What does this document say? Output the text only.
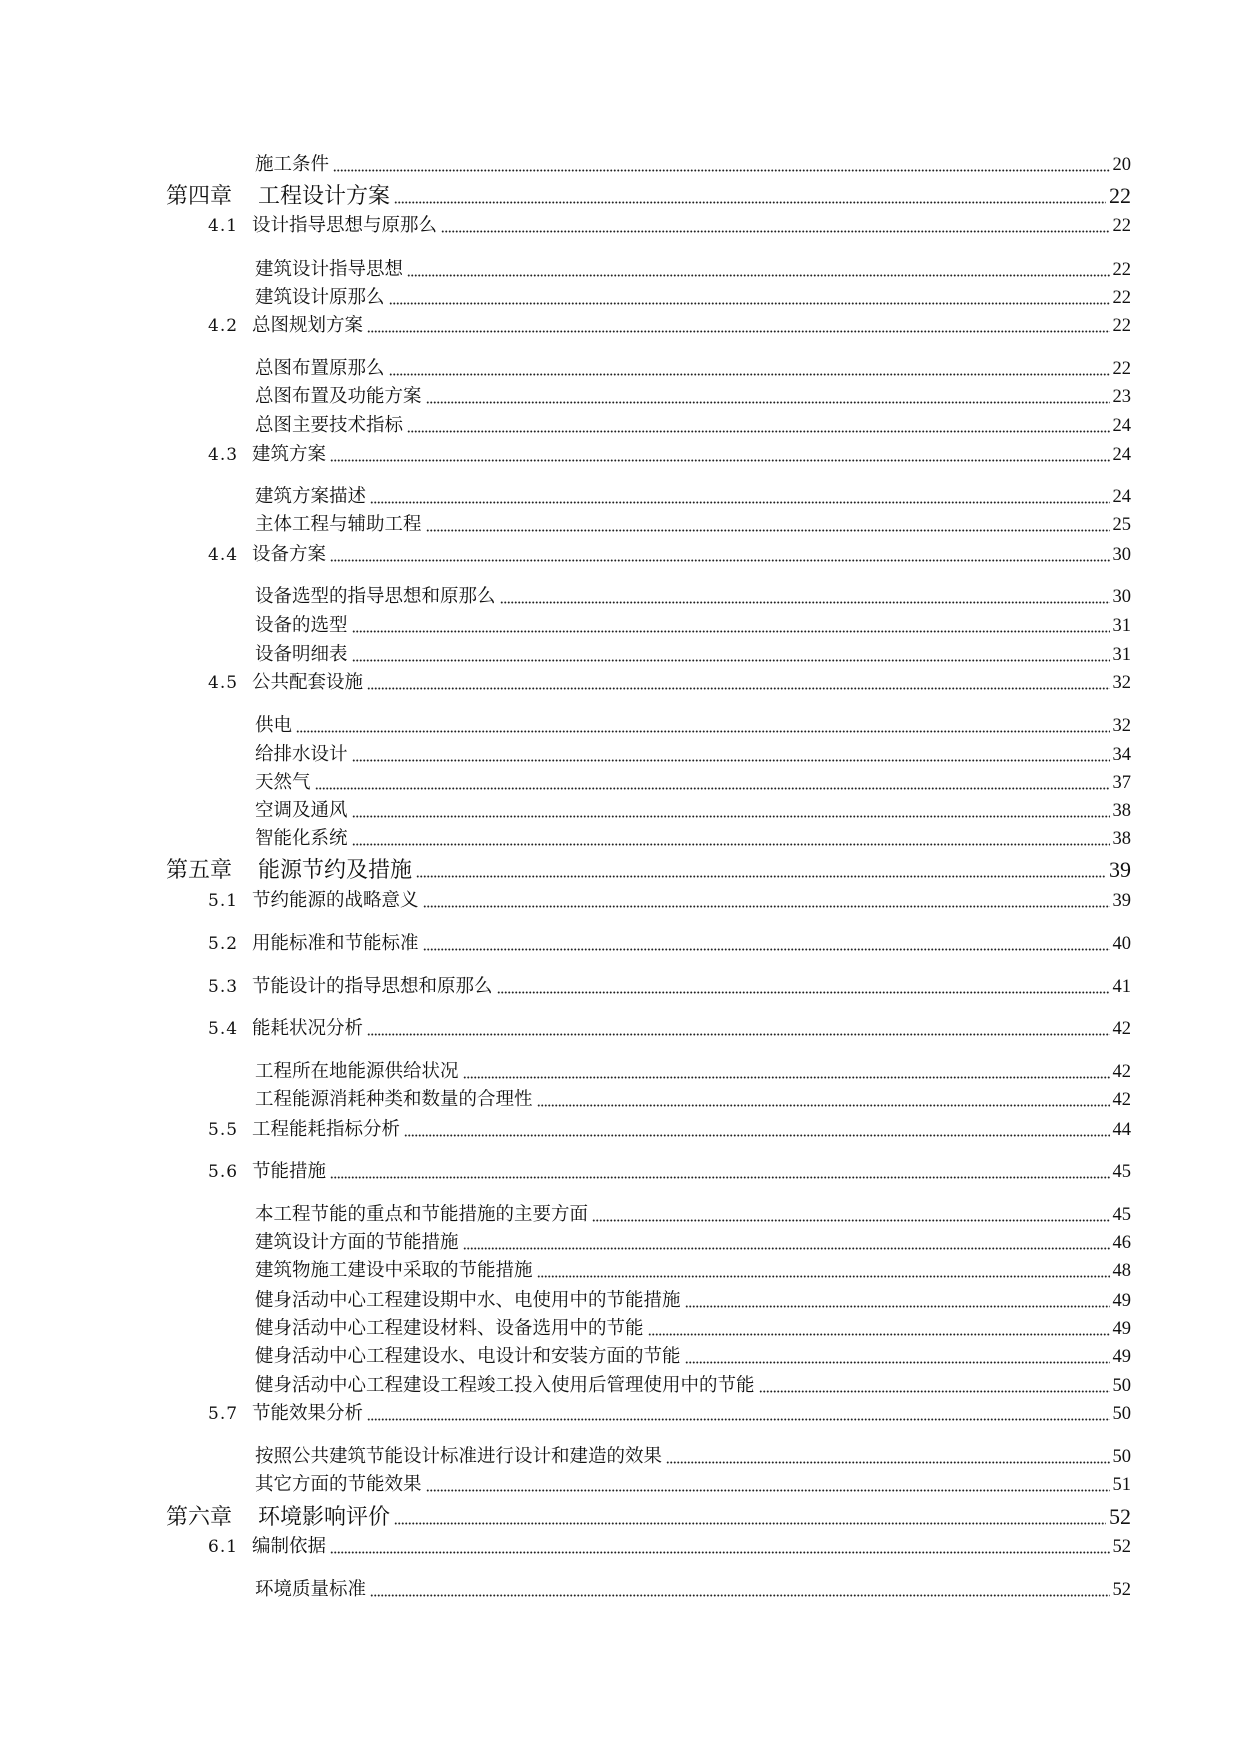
施工条件	20
第四章 工程设计方案	22
4.1 设计指导思想与原那么	22
建筑设计指导思想	22
建筑设计原那么	22
4.2 总图规划方案	22
总图布置原那么	22
总图布置及功能方案	23
总图主要技术指标	24
4.3 建筑方案	24
建筑方案描述	24
主体工程与辅助工程	25
4.4 设备方案	30
设备选型的指导思想和原那么	30
设备的选型	31
设备明细表	31
4.5 公共配套设施	32
供电	32
给排水设计	34
天然气	37
空调及通风	38
智能化系统	38
第五章 能源节约及措施	39
5.1 节约能源的战略意义	39
5.2 用能标准和节能标准	40
5.3 节能设计的指导思想和原那么	41
5.4 能耗状况分析	42
工程所在地能源供给状况	42
工程能源消耗种类和数量的合理性	42
5.5 工程能耗指标分析	44
5.6 节能措施	45
本工程节能的重点和节能措施的主要方面	45
建筑设计方面的节能措施	46
建筑物施工建设中采取的节能措施	48
健身活动中心工程建设期中水、电使用中的节能措施	49
健身活动中心工程建设材料、设备选用中的节能	49
健身活动中心工程建设水、电设计和安装方面的节能	49
健身活动中心工程建设工程竣工投入使用后管理使用中的节能	50
5.7 节能效果分析	50
按照公共建筑节能设计标准进行设计和建造的效果	50
其它方面的节能效果	51
第六章 环境影响评价	52
6.1 编制依据	52
环境质量标准	52
